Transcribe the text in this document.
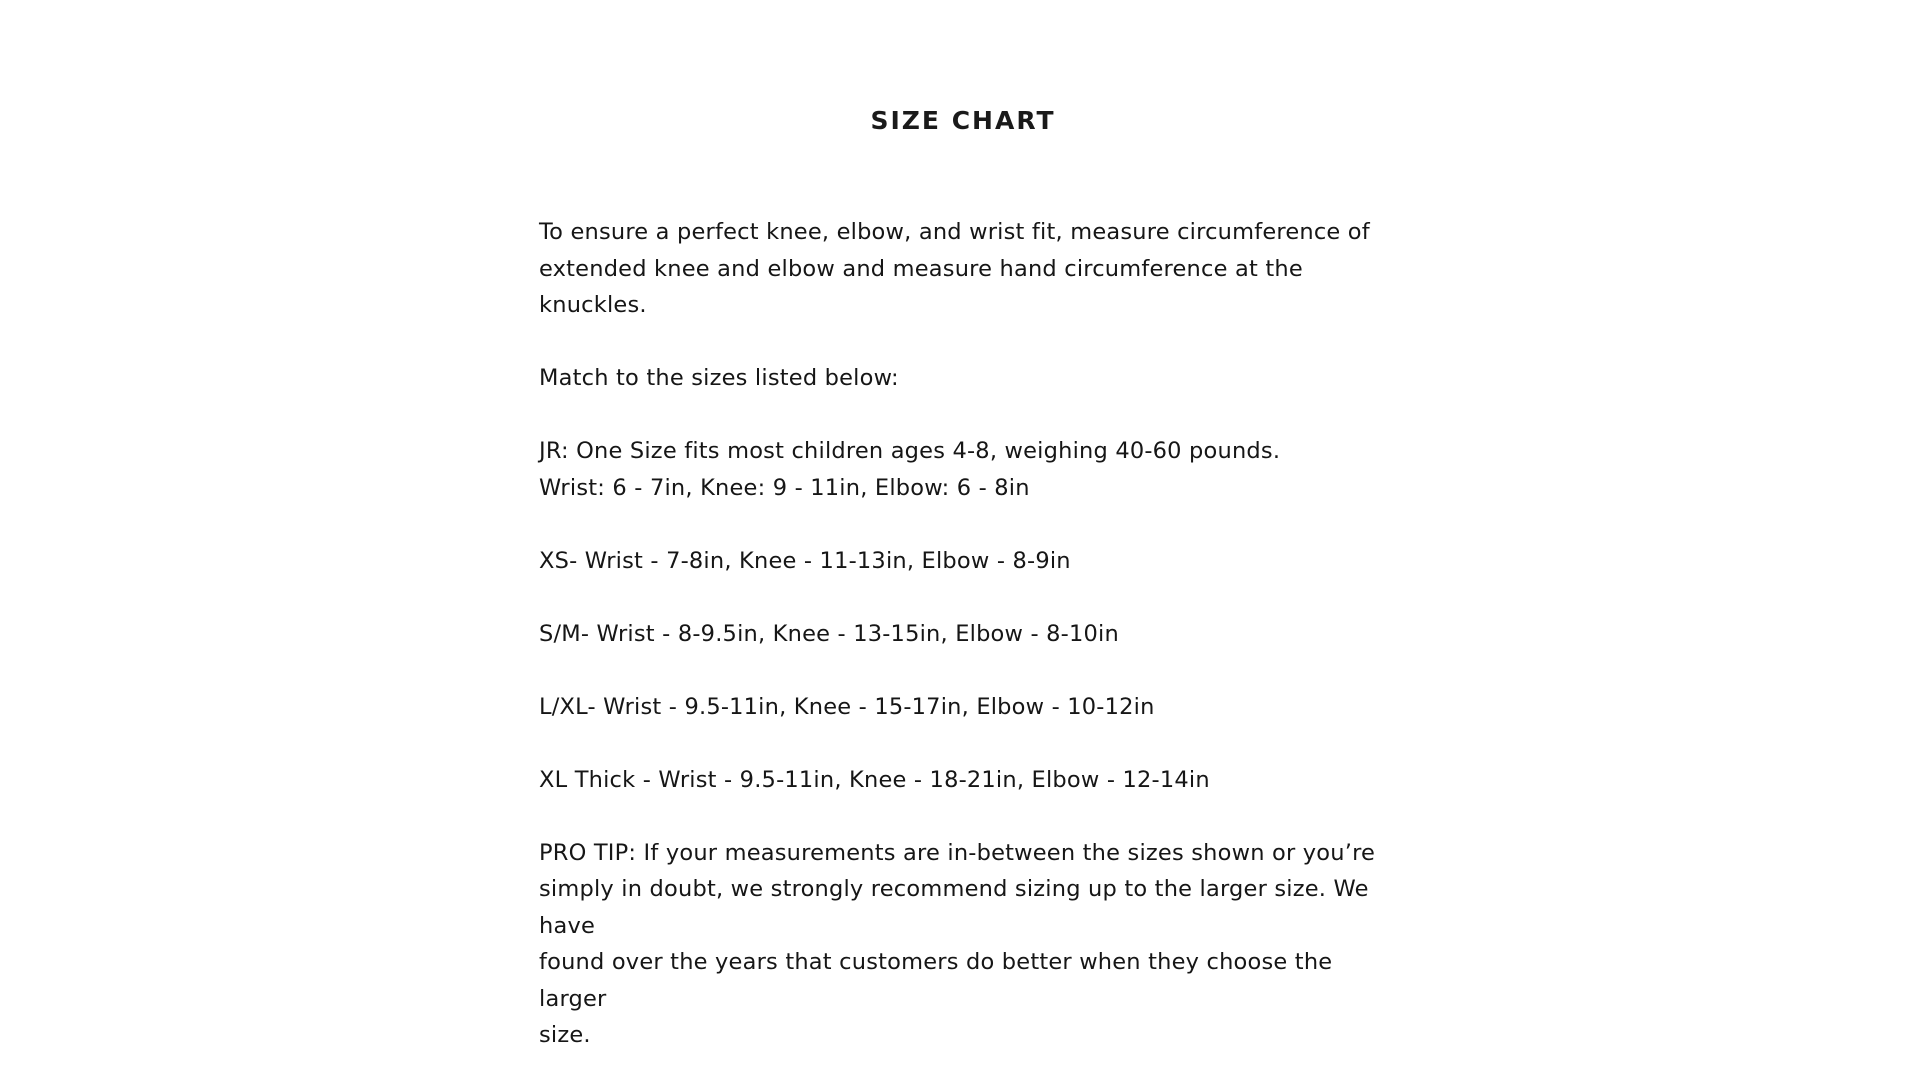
SIZE CHART

To ensure a perfect knee, elbow, and wrist fit, measure circumference of
extended knee and elbow and measure hand circumference at the knuckles.

Match to the sizes listed below:

JR: One Size fits most children ages 4-8, weighing 40-60 pounds.
Wrist: 6 - 7in, Knee: 9 - 11in, Elbow: 6 - 8in

XS- Wrist - 7-8in, Knee - 11-13in, Elbow - 8-9in

S/M- Wrist - 8-9.5in, Knee - 13-15in, Elbow - 8-10in

L/XL- Wrist - 9.5-11in, Knee - 15-17in, Elbow - 10-12in

XL Thick - Wrist - 9.5-11in, Knee - 18-21in, Elbow - 12-14in

PRO TIP: If your measurements are in-between the sizes shown or you’re
simply in doubt, we strongly recommend sizing up to the larger size. We have
found over the years that customers do better when they choose the larger
size.
